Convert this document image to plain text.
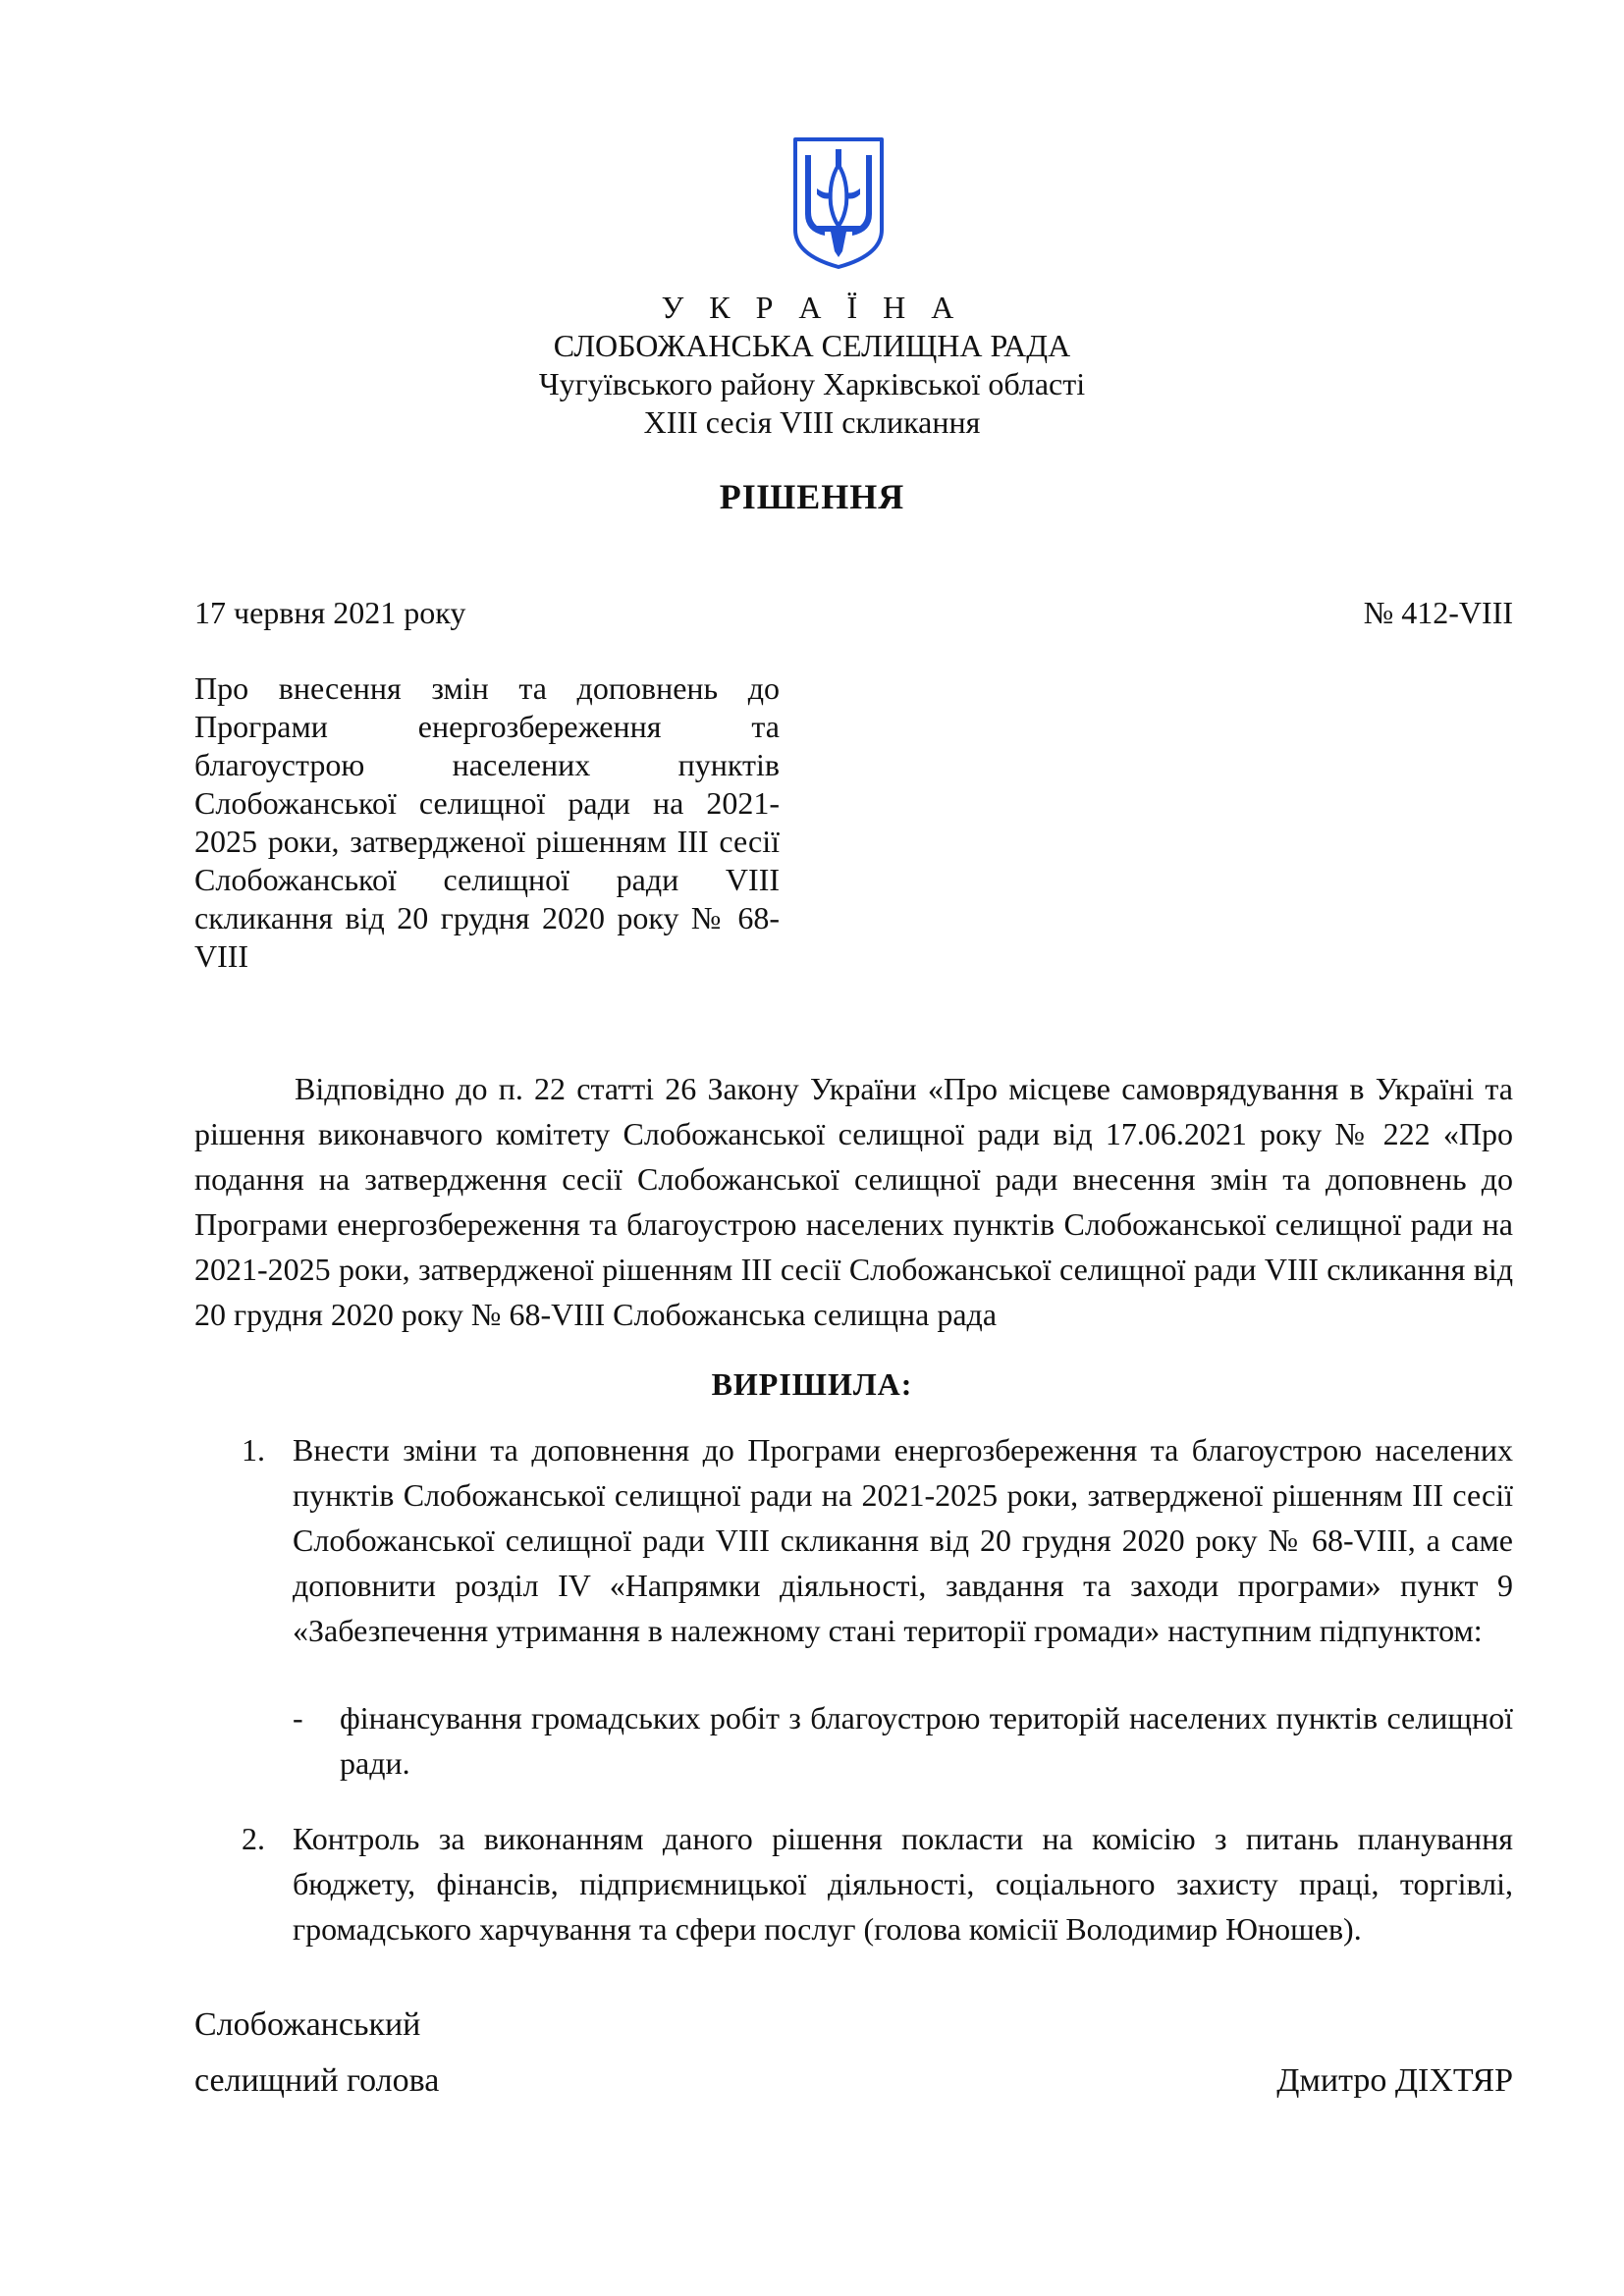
У К Р А Ї Н А
СЛОБОЖАНСЬКА СЕЛИЩНА РАДА
Чугуївського району Харківської області
XIII сесія VIII скликання
РІШЕННЯ
17 червня 2021 року	№ 412-VIII
Про внесення змін та доповнень до Програми енергозбереження та благоустрою населених пунктів Слобожанської селищної ради на 2021-2025 роки, затвердженої рішенням ІІІ сесії Слобожанської селищної ради VIII скликання від 20 грудня 2020 року № 68-VIII
Відповідно до п. 22 статті 26 Закону України «Про місцеве самоврядування в Україні та рішення виконавчого комітету Слобожанської селищної ради від 17.06.2021 року № 222 «Про подання на затвердження сесії Слобожанської селищної ради внесення змін та доповнень до Програми енергозбереження та благоустрою населених пунктів Слобожанської селищної ради на 2021-2025 роки, затвердженої рішенням ІІІ сесії Слобожанської селищної ради VIII скликання від 20 грудня 2020 року № 68-VIII Слобожанська селищна рада
ВИРІШИЛА:
1. Внести зміни та доповнення до Програми енергозбереження та благоустрою населених пунктів Слобожанської селищної ради на 2021-2025 роки, затвердженої рішенням ІІІ сесії Слобожанської селищної ради VIII скликання від 20 грудня 2020 року № 68-VIII, а саме доповнити розділ IV «Напрямки діяльності, завдання та заходи програми» пункт 9 «Забезпечення утримання в належному стані території громади» наступним підпунктом:
- фінансування громадських робіт з благоустрою територій населених пунктів селищної ради.
2. Контроль за виконанням даного рішення покласти на комісію з питань планування бюджету, фінансів, підприємницької діяльності, соціального захисту праці, торгівлі, громадського харчування та сфери послуг (голова комісії Володимир Юношев).
Слобожанський
селищний голова	Дмитро ДІХТЯР
